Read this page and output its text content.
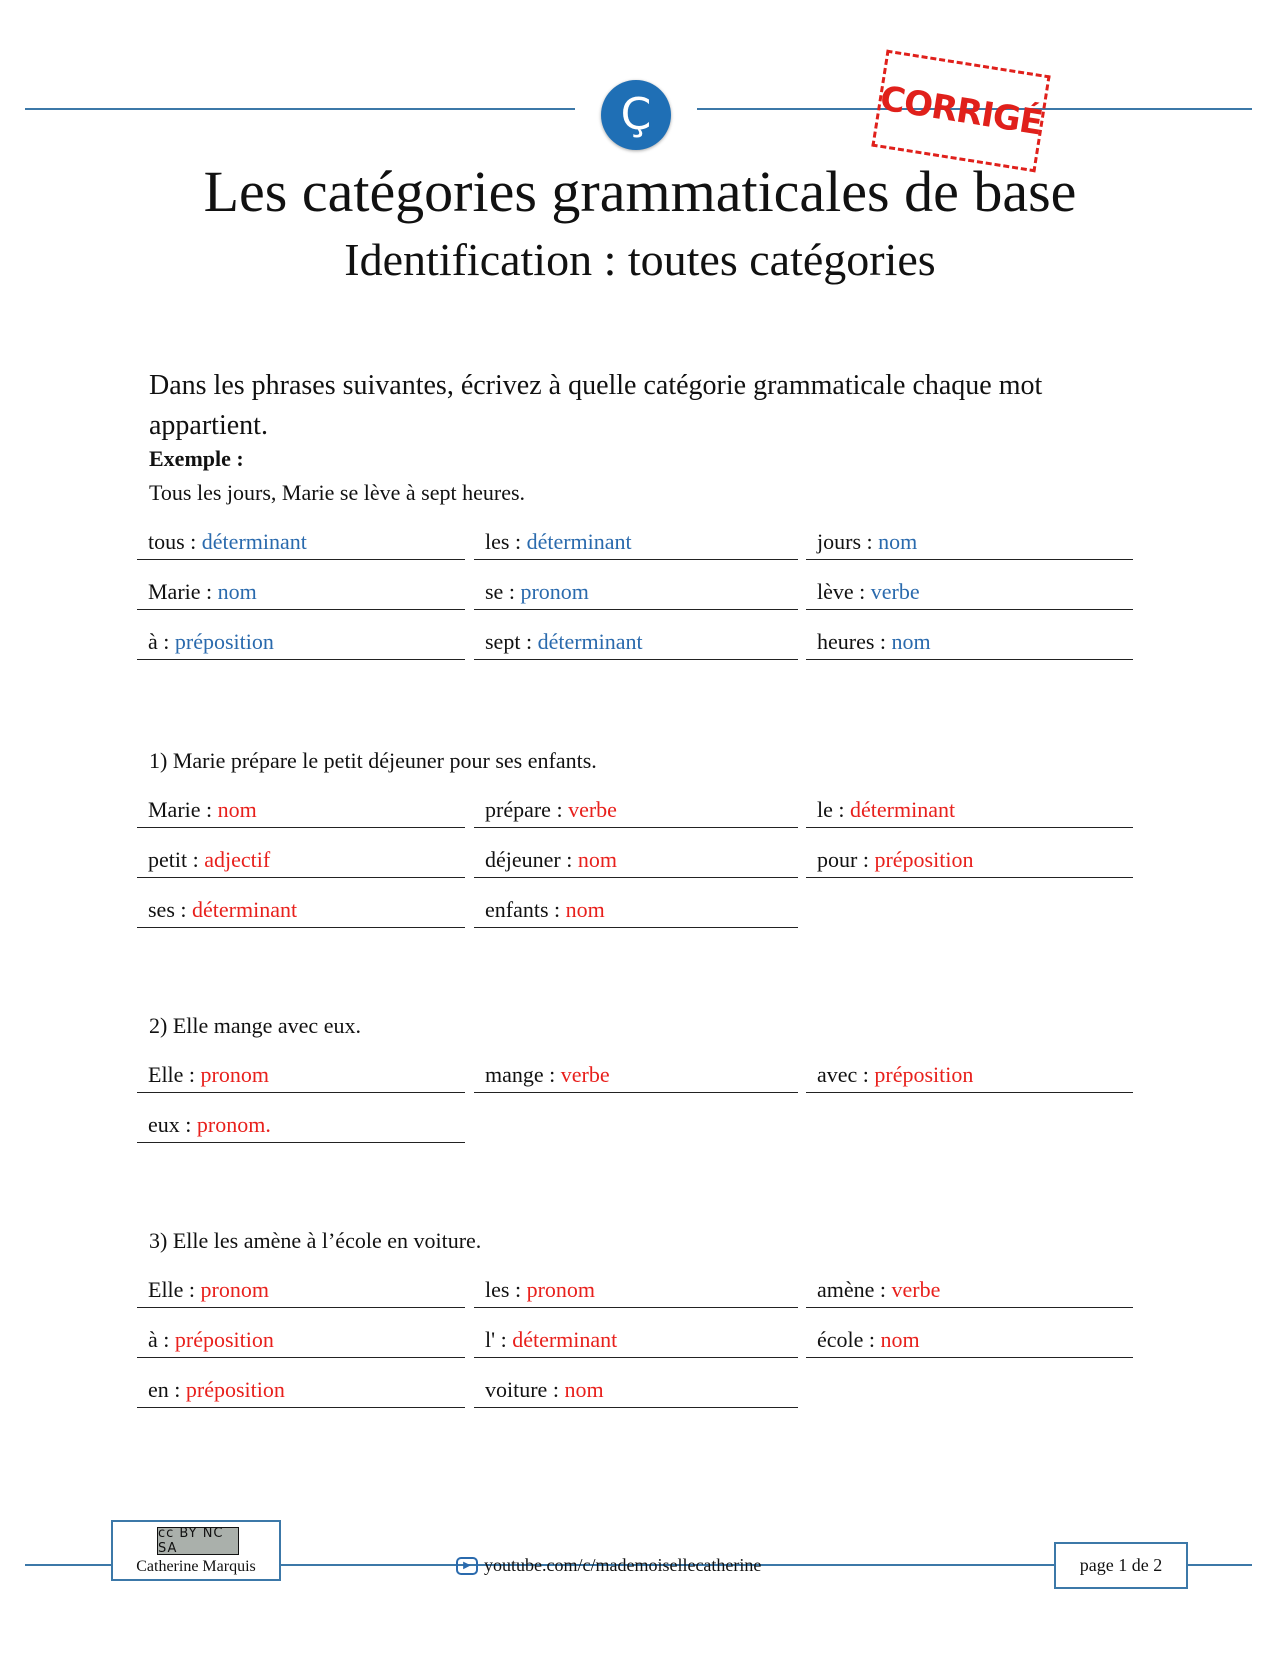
Ç	CORRIGÉ
Les catégories grammaticales de base
Identification : toutes catégories

Dans les phrases suivantes, écrivez à quelle catégorie grammaticale chaque mot appartient.

Exemple :
Tous les jours, Marie se lève à sept heures.
tous : déterminant	les : déterminant	jours : nom
Marie : nom	se : pronom	lève : verbe
à : préposition	sept : déterminant	heures : nom
1) Marie prépare le petit déjeuner pour ses enfants.
Marie : nom	prépare : verbe	le : déterminant
petit : adjectif	déjeuner : nom	pour : préposition
ses : déterminant	enfants : nom
2) Elle mange avec eux.
Elle : pronom	mange : verbe	avec : préposition
eux : pronom.
3) Elle les amène à l’école en voiture.
Elle : pronom	les : pronom	amène : verbe
à : préposition	l' : déterminant	école : nom
en : préposition	voiture : nom
cc BY NC SA
Catherine Marquis	▶ youtube.com/c/mademoisellecatherine	page 1 de 2
